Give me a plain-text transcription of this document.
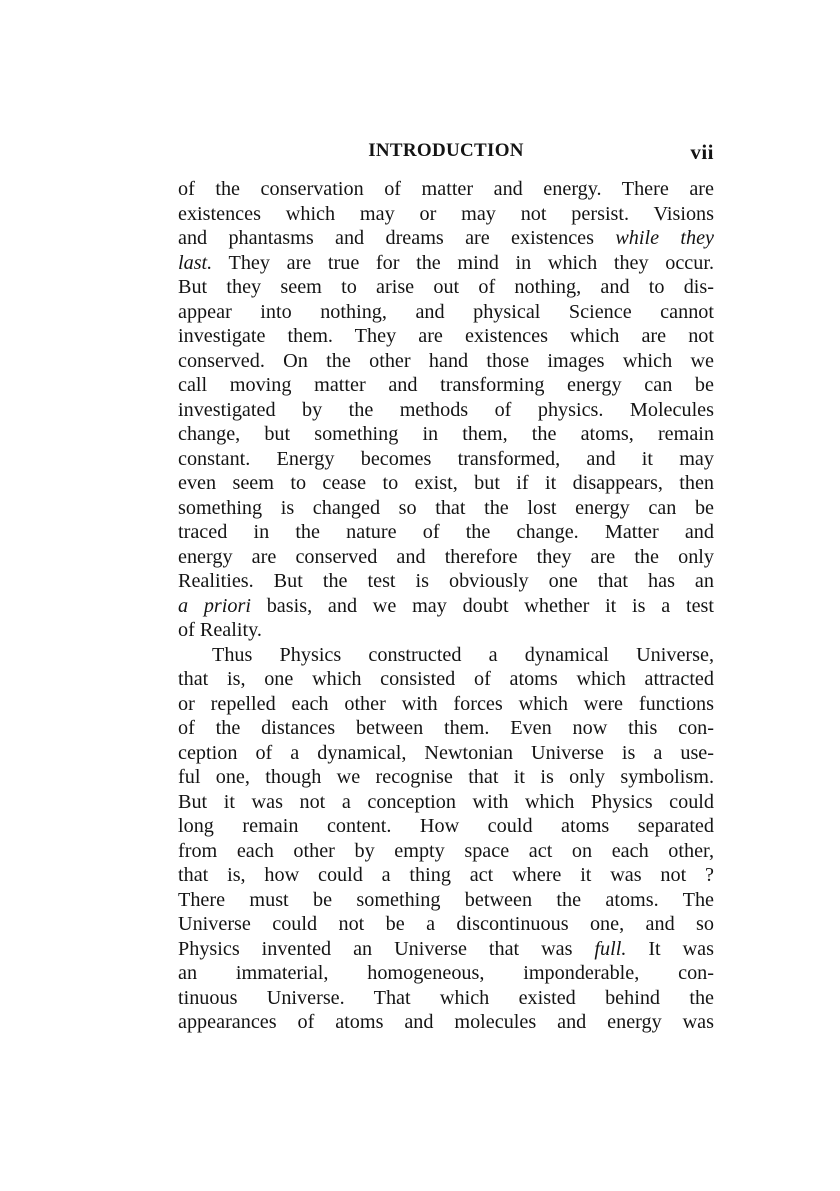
INTRODUCTION	vii
of the conservation of matter and energy. There are
existences which may or may not persist. Visions
and phantasms and dreams are existences while they
last. They are true for the mind in which they occur.
But they seem to arise out of nothing, and to dis-
appear into nothing, and physical Science cannot
investigate them. They are existences which are not
conserved. On the other hand those images which we
call moving matter and transforming energy can be
investigated by the methods of physics. Molecules
change, but something in them, the atoms, remain
constant. Energy becomes transformed, and it may
even seem to cease to exist, but if it disappears, then
something is changed so that the lost energy can be
traced in the nature of the change. Matter and
energy are conserved and therefore they are the only
Realities. But the test is obviously one that has an
a priori basis, and we may doubt whether it is a test
of Reality.
Thus Physics constructed a dynamical Universe,
that is, one which consisted of atoms which attracted
or repelled each other with forces which were functions
of the distances between them. Even now this con-
ception of a dynamical, Newtonian Universe is a use-
ful one, though we recognise that it is only symbolism.
But it was not a conception with which Physics could
long remain content. How could atoms separated
from each other by empty space act on each other,
that is, how could a thing act where it was not ?
There must be something between the atoms. The
Universe could not be a discontinuous one, and so
Physics invented an Universe that was full. It was
an immaterial, homogeneous, imponderable, con-
tinuous Universe. That which existed behind the
appearances of atoms and molecules and energy was
